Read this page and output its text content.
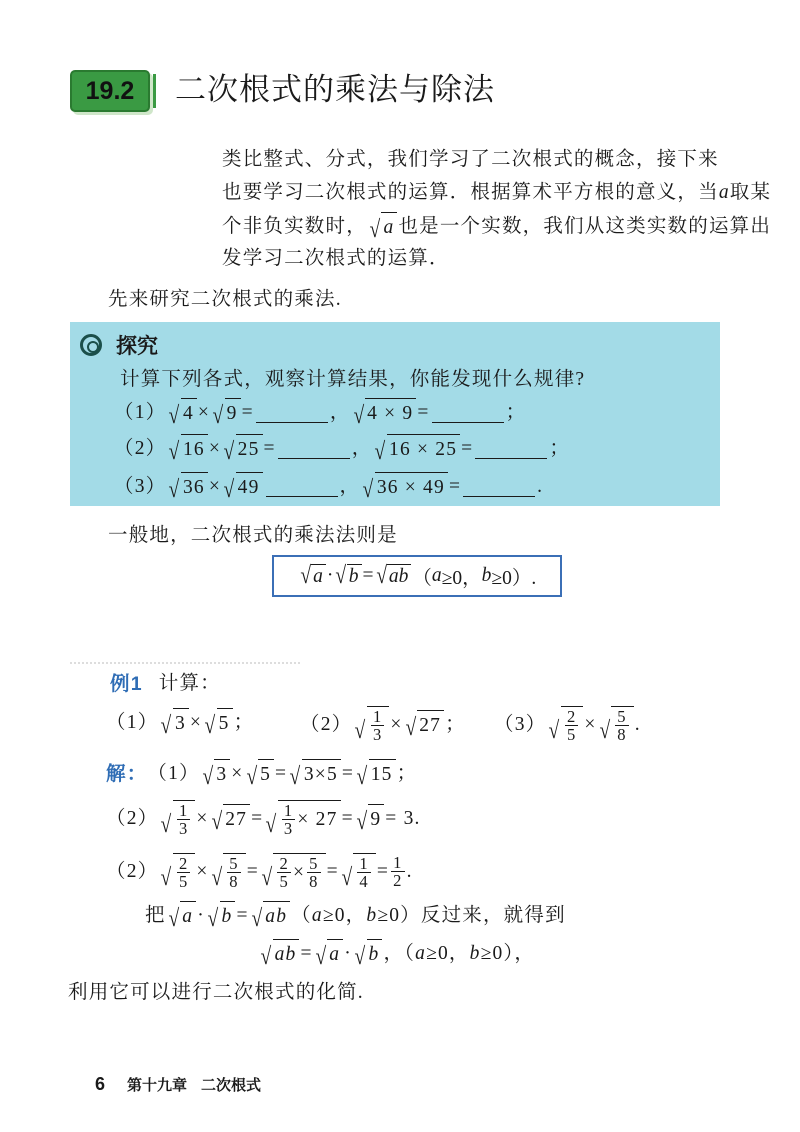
19.2	二次根式的乘法与除法
类比整式、分式，我们学习了二次根式的概念，接下来
也要学习二次根式的运算．根据算术平方根的意义，当 a 取某
个非负实数时， √ a 也是一个实数，我们从这类实数的运算出
发学习二次根式的运算．
先来研究二次根式的乘法.
探究
计算下列各式，观察计算结果，你能发现什么规律?
（1） √ 4 × √ 9 =	， √ 4 × 9 =	；
（2） √ 16 × √ 25 =	， √ 16 × 25 =	；
（3） √ 36 × √ 49	， √ 36 × 49 =	.
一般地，二次根式的乘法法则是
√ a · √ b = √ ab （ a ≥0， b ≥0）.
例1 计算：
（1） √ 3 × √ 5 ； （2） √ $\frac{1}{3}$ × √ 27 ； （3） √ $\frac{2}{5}$ × √ $\frac{5}{8}$ .
解： （1） √ 3 × √ 5 = √ 3×5 = √ 15 ；
（2） √ $\frac{1}{3}$ × √ 27 = √ $\frac{1}{3} \times 27$ = √ 9 = 3.
（2） √ $\frac{2}{5}$ × √ $\frac{5}{8}$ = √ $\frac{2}{5} \times \frac{5}{8}$ = √ $\frac{1}{4} = \frac{1}{2}$ .
把 √ a · √ b = √ ab （ a ≥0， b ≥0）反过来，就得到
√ ab = √ a · √ b ，（ a ≥0， b ≥0），
利用它可以进行二次根式的化简.
6 第十九章 二次根式
